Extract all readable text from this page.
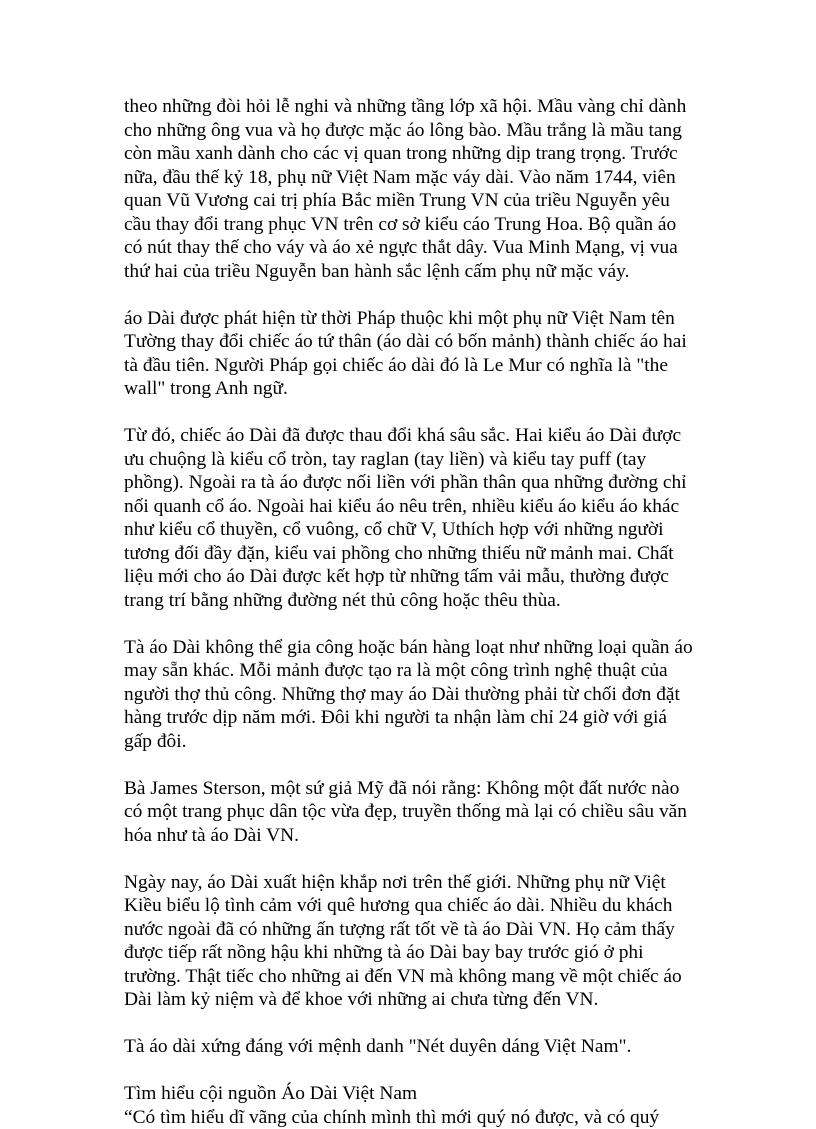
theo những đòi hỏi lễ nghi và những tầng lớp xã hội. Mầu vàng chỉ dành
cho những ông vua và họ được mặc áo lông bào. Mầu trắng là mầu tang
còn mầu xanh dành cho các vị quan trong những dịp trang trọng. Trước
nữa, đầu thế kỷ 18, phụ nữ Việt Nam mặc váy dài. Vào năm 1744, viên
quan Vũ Vương cai trị phía Bắc miền Trung VN của triều Nguyễn yêu
cầu thay đổi trang phục VN trên cơ sở kiểu cáo Trung Hoa. Bộ quần áo
có nút thay thế cho váy và áo xẻ ngực thắt dây. Vua Minh Mạng, vị vua
thứ hai của triều Nguyễn ban hành sắc lệnh cấm phụ nữ mặc váy.
áo Dài được phát hiện từ thời Pháp thuộc khi một phụ nữ Việt Nam tên
Tường thay đổi chiếc áo tứ thân (áo dài có bốn mảnh) thành chiếc áo hai
tà đầu tiên. Người Pháp gọi chiếc áo dài đó là Le Mur có nghĩa là "the
wall" trong Anh ngữ.
Từ đó, chiếc áo Dài đã được thau đổi khá sâu sắc. Hai kiểu áo Dài được
ưu chuộng là kiểu cổ tròn, tay raglan (tay liền) và kiểu tay puff (tay
phồng). Ngoài ra tà áo được nối liền với phần thân qua những đường chỉ
nối quanh cổ áo. Ngoài hai kiểu áo nêu trên, nhiều kiểu áo kiểu áo khác
như kiểu cổ thuyền, cổ vuông, cổ chữ V, Uthích hợp với những người
tương đối đầy đặn, kiểu vai phồng cho những thiếu nữ mảnh mai. Chất
liệu mới cho áo Dài được kết hợp từ những tấm vải mẫu, thường được
trang trí bằng những đường nét thủ công hoặc thêu thùa.
Tà áo Dài không thể gia công hoặc bán hàng loạt như những loại quần áo
may sẵn khác. Mỗi mảnh được tạo ra là một công trình nghệ thuật của
người thợ thủ công. Những thợ may áo Dài thường phải từ chối đơn đặt
hàng trước dịp năm mới. Đôi khi người ta nhận làm chỉ 24 giờ với giá
gấp đôi.
Bà James Sterson, một sứ giả Mỹ đã nói rằng: Không một đất nước nào
có một trang phục dân tộc vừa đẹp, truyền thống mà lại có chiều sâu văn
hóa như tà áo Dài VN.
Ngày nay, áo Dài xuất hiện khắp nơi trên thế giới. Những phụ nữ Việt
Kiều biểu lộ tình cảm với quê hương qua chiếc áo dài. Nhiều du khách
nước ngoài đã có những ấn tượng rất tốt về tà áo Dài VN. Họ cảm thấy
được tiếp rất nồng hậu khi những tà áo Dài bay bay trước gió ở phi
trường. Thật tiếc cho những ai đến VN mà không mang về một chiếc áo
Dài làm kỷ niệm và để khoe với những ai chưa từng đến VN.
Tà áo dài xứng đáng với mệnh danh "Nét duyên dáng Việt Nam".
Tìm hiểu cội nguồn Áo Dài Việt Nam
“Có tìm hiểu dĩ vãng của chính mình thì mới quý nó được, và có quý
